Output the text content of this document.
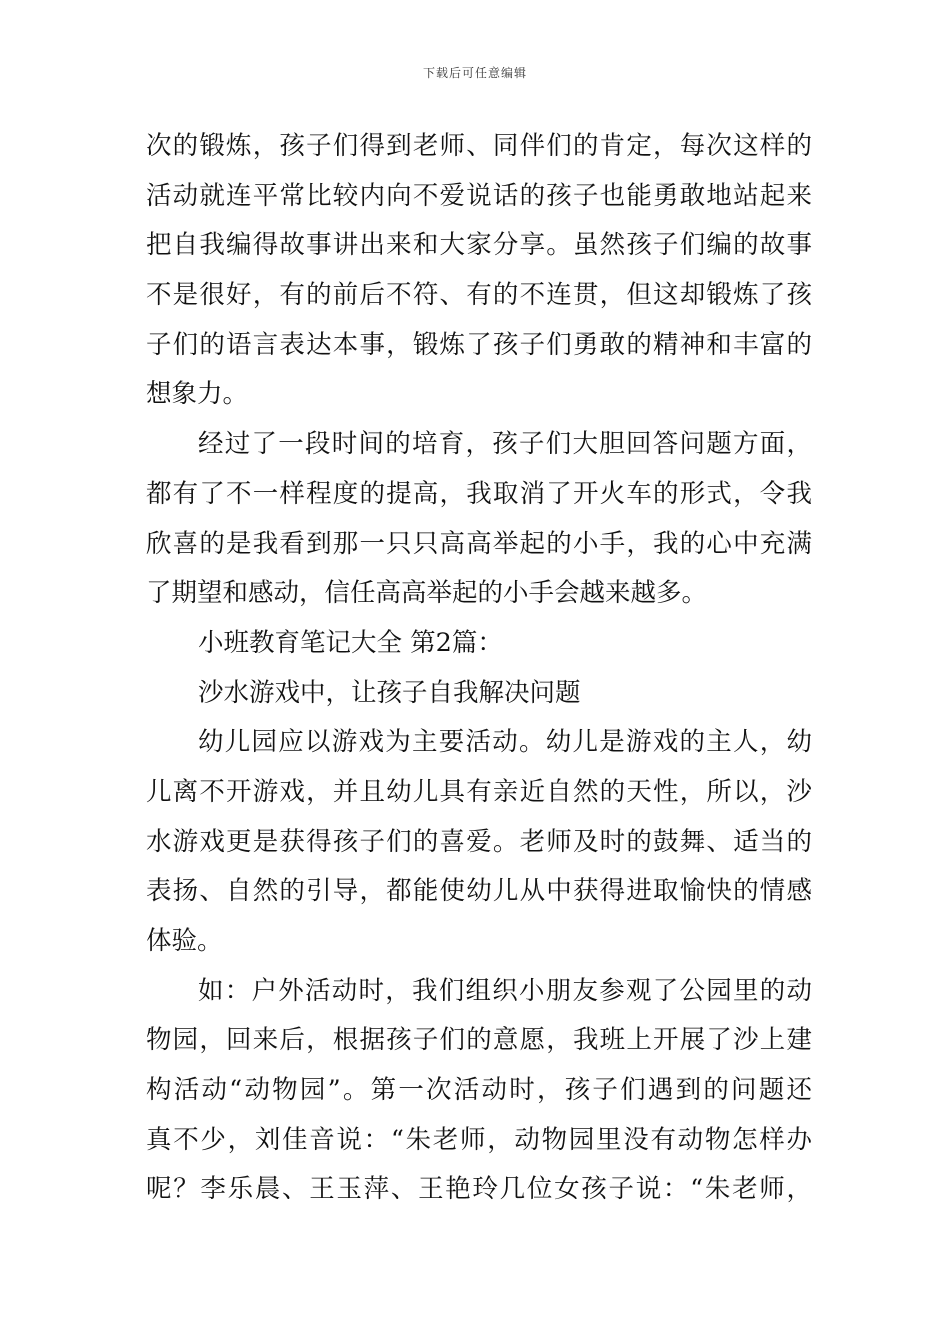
下载后可任意编辑
次的锻炼，孩子们得到老师、同伴们的肯定，每次这样的
活动就连平常比较内向不爱说话的孩子也能勇敢地站起来
把自我编得故事讲出来和大家分享。虽然孩子们编的故事
不是很好，有的前后不符、有的不连贯，但这却锻炼了孩
子们的语言表达本事，锻炼了孩子们勇敢的精神和丰富的
想象力。
经过了一段时间的培育，孩子们大胆回答问题方面，
都有了不一样程度的提高，我取消了开火车的形式，令我
欣喜的是我看到那一只只高高举起的小手，我的心中充满
了期望和感动，信任高高举起的小手会越来越多。
小班教育笔记大全 第2篇：
沙水游戏中，让孩子自我解决问题
幼儿园应以游戏为主要活动。幼儿是游戏的主人，幼
儿离不开游戏，并且幼儿具有亲近自然的天性，所以，沙
水游戏更是获得孩子们的喜爱。老师及时的鼓舞、适当的
表扬、自然的引导，都能使幼儿从中获得进取愉快的情感
体验。
如：户外活动时，我们组织小朋友参观了公园里的动
物园，回来后，根据孩子们的意愿，我班上开展了沙上建
构活动“动物园”。第一次活动时，孩子们遇到的问题还
真不少，刘佳音说：“朱老师，动物园里没有动物怎样办
呢？李乐晨、王玉萍、王艳玲几位女孩子说：“朱老师，
